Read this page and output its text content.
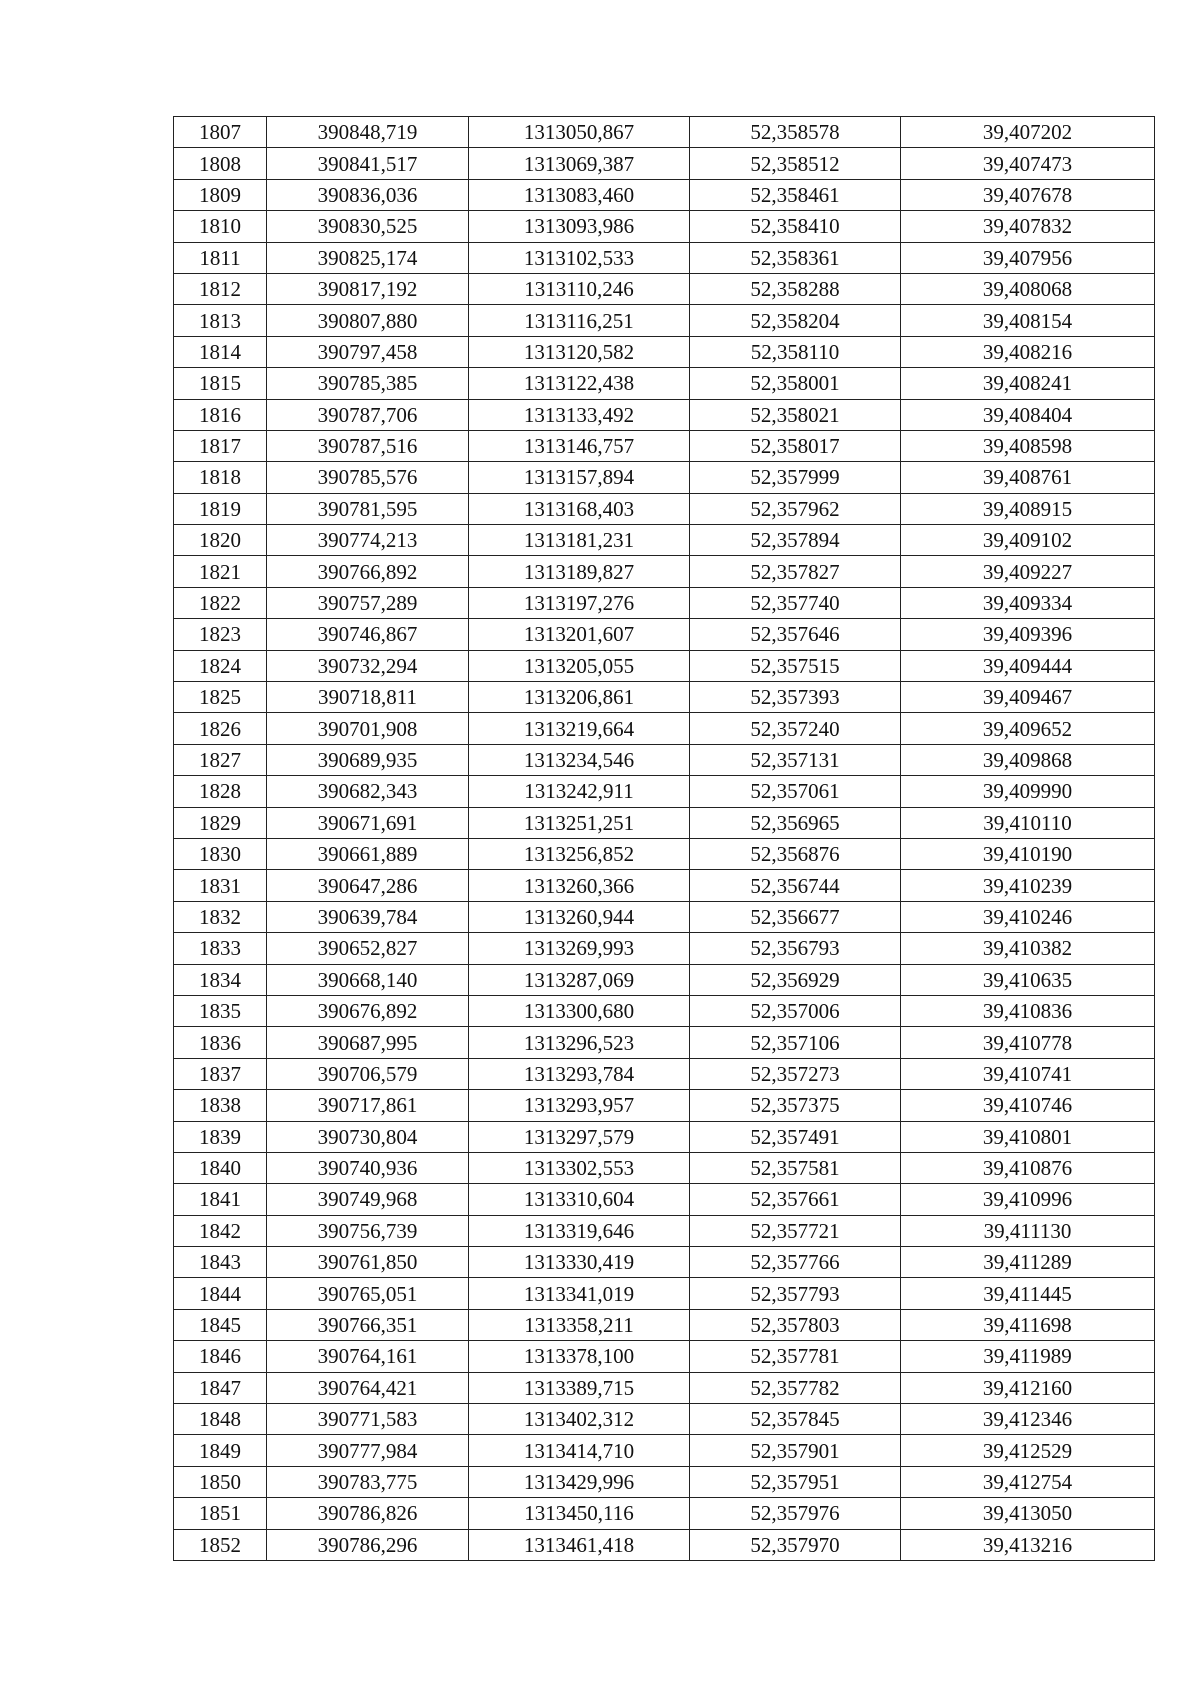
1807	390848,719	1313050,867	52,358578	39,407202
1808	390841,517	1313069,387	52,358512	39,407473
1809	390836,036	1313083,460	52,358461	39,407678
1810	390830,525	1313093,986	52,358410	39,407832
1811	390825,174	1313102,533	52,358361	39,407956
1812	390817,192	1313110,246	52,358288	39,408068
1813	390807,880	1313116,251	52,358204	39,408154
1814	390797,458	1313120,582	52,358110	39,408216
1815	390785,385	1313122,438	52,358001	39,408241
1816	390787,706	1313133,492	52,358021	39,408404
1817	390787,516	1313146,757	52,358017	39,408598
1818	390785,576	1313157,894	52,357999	39,408761
1819	390781,595	1313168,403	52,357962	39,408915
1820	390774,213	1313181,231	52,357894	39,409102
1821	390766,892	1313189,827	52,357827	39,409227
1822	390757,289	1313197,276	52,357740	39,409334
1823	390746,867	1313201,607	52,357646	39,409396
1824	390732,294	1313205,055	52,357515	39,409444
1825	390718,811	1313206,861	52,357393	39,409467
1826	390701,908	1313219,664	52,357240	39,409652
1827	390689,935	1313234,546	52,357131	39,409868
1828	390682,343	1313242,911	52,357061	39,409990
1829	390671,691	1313251,251	52,356965	39,410110
1830	390661,889	1313256,852	52,356876	39,410190
1831	390647,286	1313260,366	52,356744	39,410239
1832	390639,784	1313260,944	52,356677	39,410246
1833	390652,827	1313269,993	52,356793	39,410382
1834	390668,140	1313287,069	52,356929	39,410635
1835	390676,892	1313300,680	52,357006	39,410836
1836	390687,995	1313296,523	52,357106	39,410778
1837	390706,579	1313293,784	52,357273	39,410741
1838	390717,861	1313293,957	52,357375	39,410746
1839	390730,804	1313297,579	52,357491	39,410801
1840	390740,936	1313302,553	52,357581	39,410876
1841	390749,968	1313310,604	52,357661	39,410996
1842	390756,739	1313319,646	52,357721	39,411130
1843	390761,850	1313330,419	52,357766	39,411289
1844	390765,051	1313341,019	52,357793	39,411445
1845	390766,351	1313358,211	52,357803	39,411698
1846	390764,161	1313378,100	52,357781	39,411989
1847	390764,421	1313389,715	52,357782	39,412160
1848	390771,583	1313402,312	52,357845	39,412346
1849	390777,984	1313414,710	52,357901	39,412529
1850	390783,775	1313429,996	52,357951	39,412754
1851	390786,826	1313450,116	52,357976	39,413050
1852	390786,296	1313461,418	52,357970	39,413216
